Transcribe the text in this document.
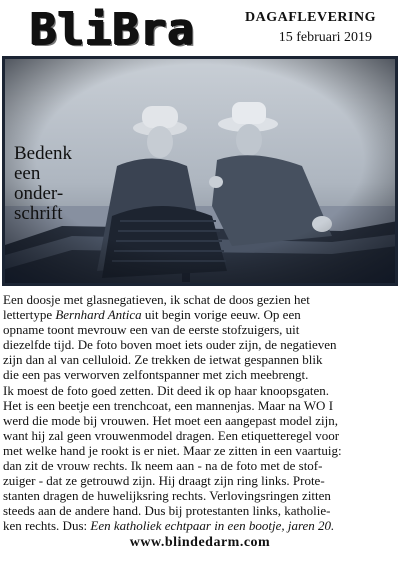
BliBra	DAGAFLEVERING
15 februari 2019
Bedenk
een
onder-
schrift
Een doosje met glasnegatieven, ik schat de doos gezien het
lettertype Bernhard Antica uit begin vorige eeuw. Op een
opname toont mevrouw een van de eerste stofzuigers, uit
diezelfde tijd. De foto boven moet iets ouder zijn, de negatieven
zijn dan al van celluloid. Ze trekken de ietwat gespannen blik
die een pas verworven zelfontspanner met zich meebrengt.
Ik moest de foto goed zetten. Dit deed ik op haar knoopsgaten.
Het is een beetje een trenchcoat, een mannenjas. Maar na WO I
werd die mode bij vrouwen. Het moet een aangepast model zijn,
want hij zal geen vrouwenmodel dragen. Een etiquetteregel voor
met welke hand je rookt is er niet. Maar ze zitten in een vaartuig:
dan zit de vrouw rechts. Ik neem aan - na de foto met de stof-
zuiger - dat ze getrouwd zijn. Hij draagt zijn ring links. Prote-
stanten dragen de huwelijksring rechts. Verlovingsringen zitten
steeds aan de andere hand. Dus bij protestanten links, katholie-
ken rechts. Dus: Een katholiek echtpaar in een bootje, jaren 20.
www.blindedarm.com
